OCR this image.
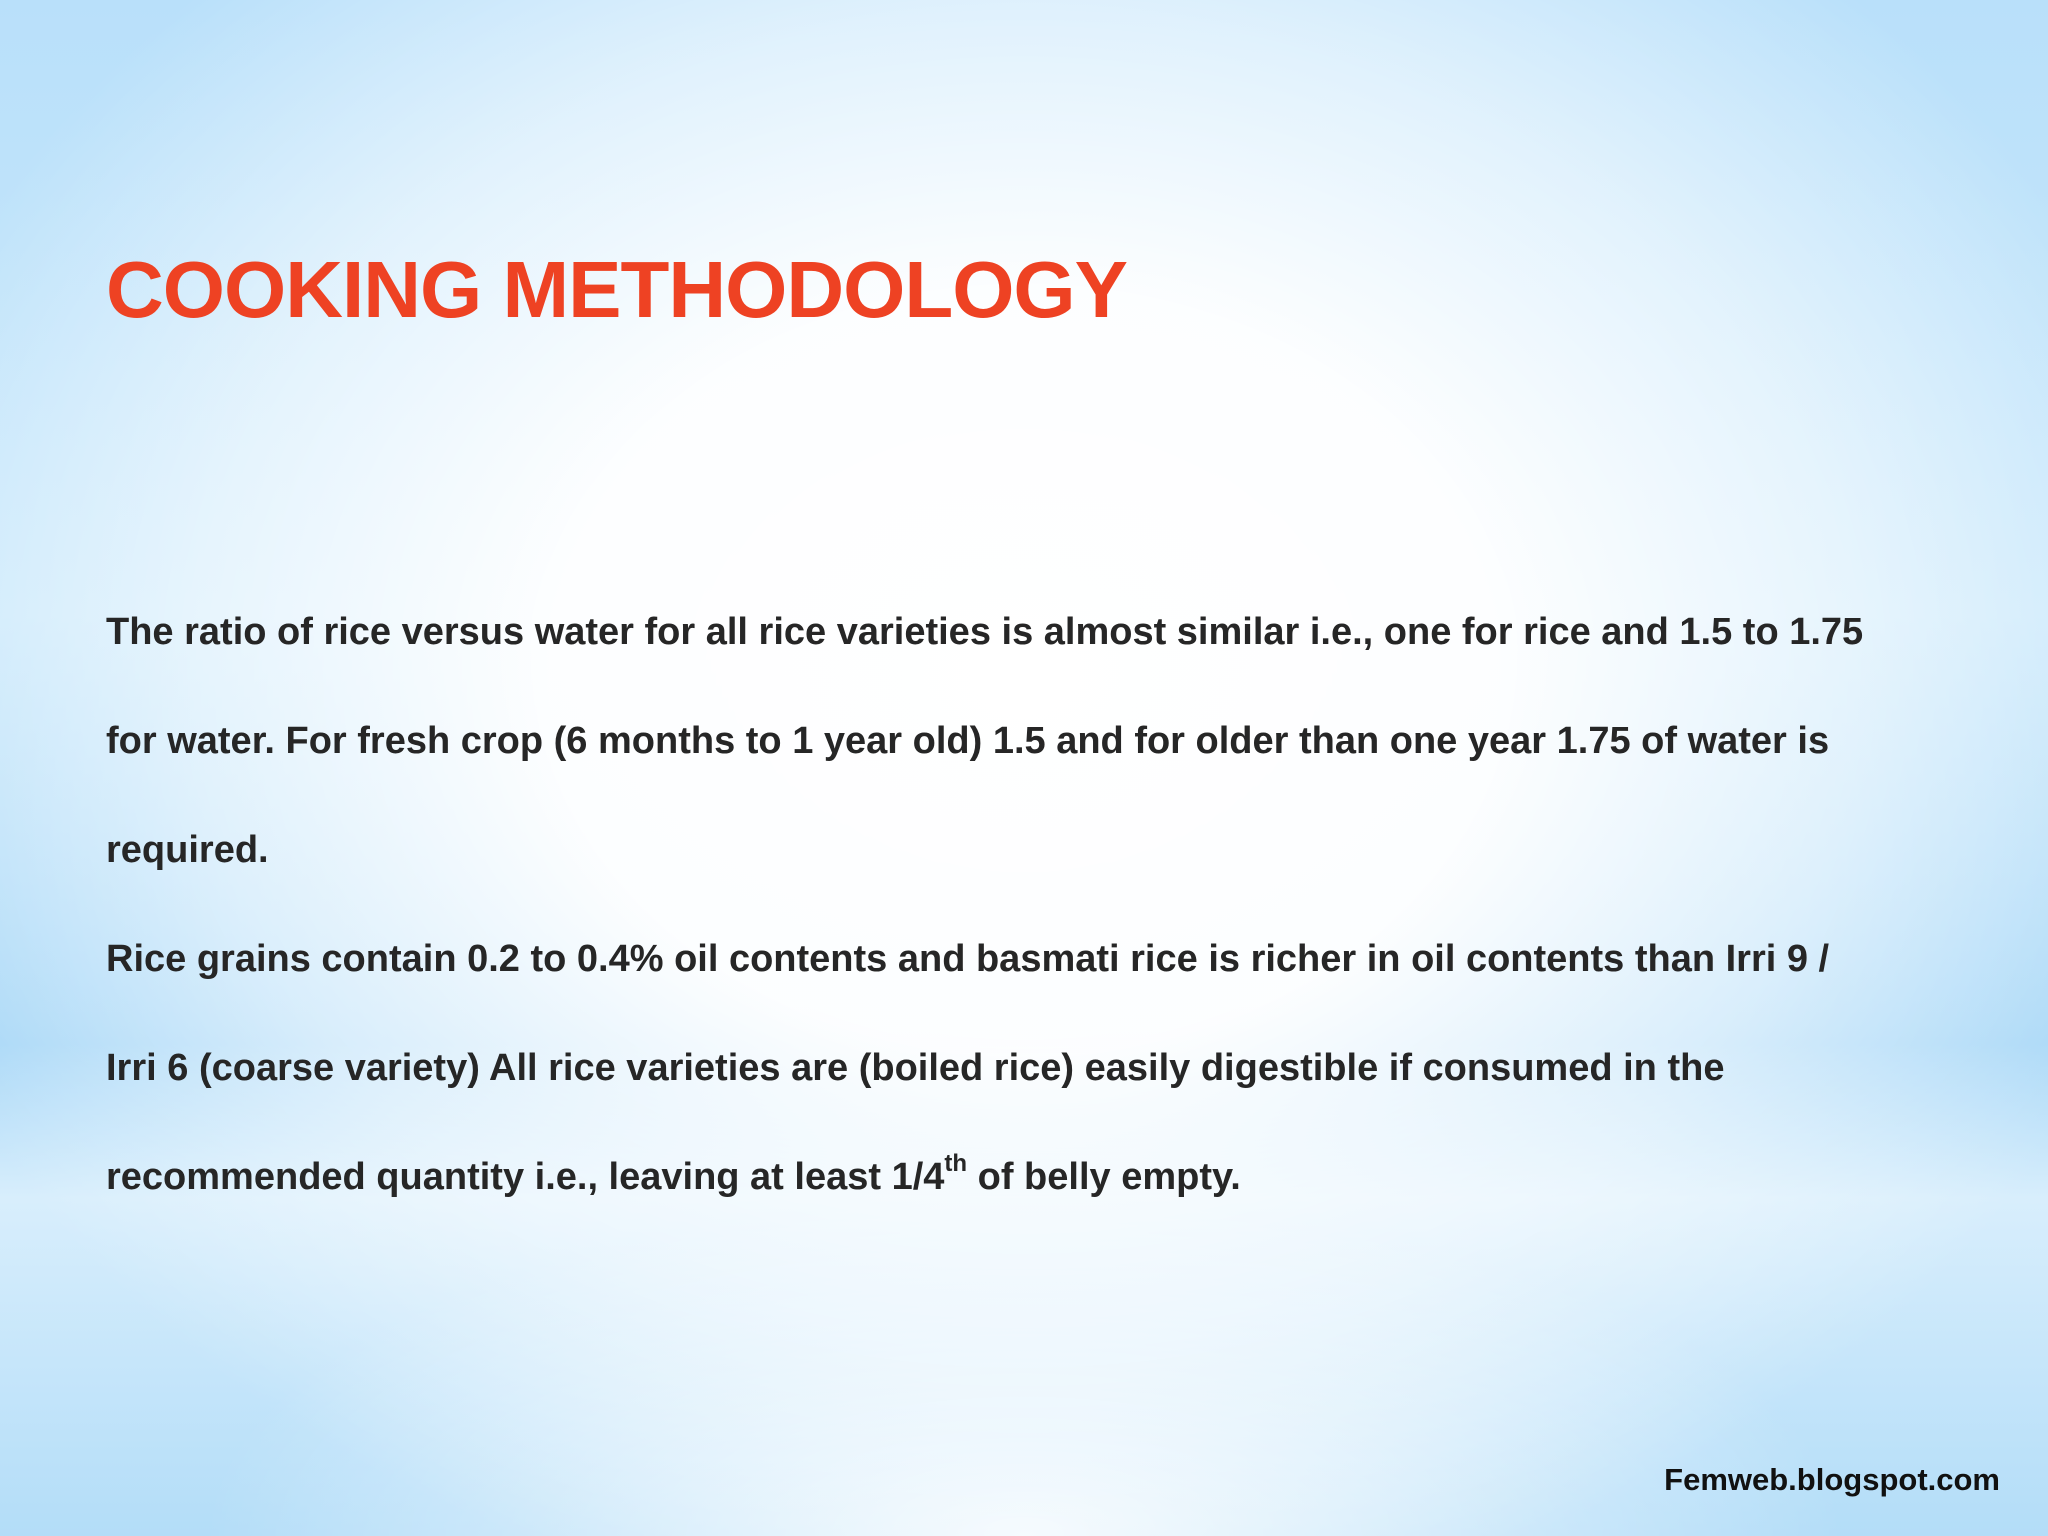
COOKING METHODOLOGY
The ratio of rice versus water for all rice varieties is almost similar i.e., one for rice and 1.5 to 1.75
for water. For fresh crop (6 months to 1 year old) 1.5 and for older than one year 1.75 of water is
required.
Rice grains contain 0.2 to 0.4% oil contents and basmati rice is richer in oil contents than Irri 9 /
Irri 6 (coarse variety) All rice varieties are (boiled rice) easily digestible if consumed in the
recommended quantity i.e., leaving at least 1/4th of belly empty.
Femweb.blogspot.com
